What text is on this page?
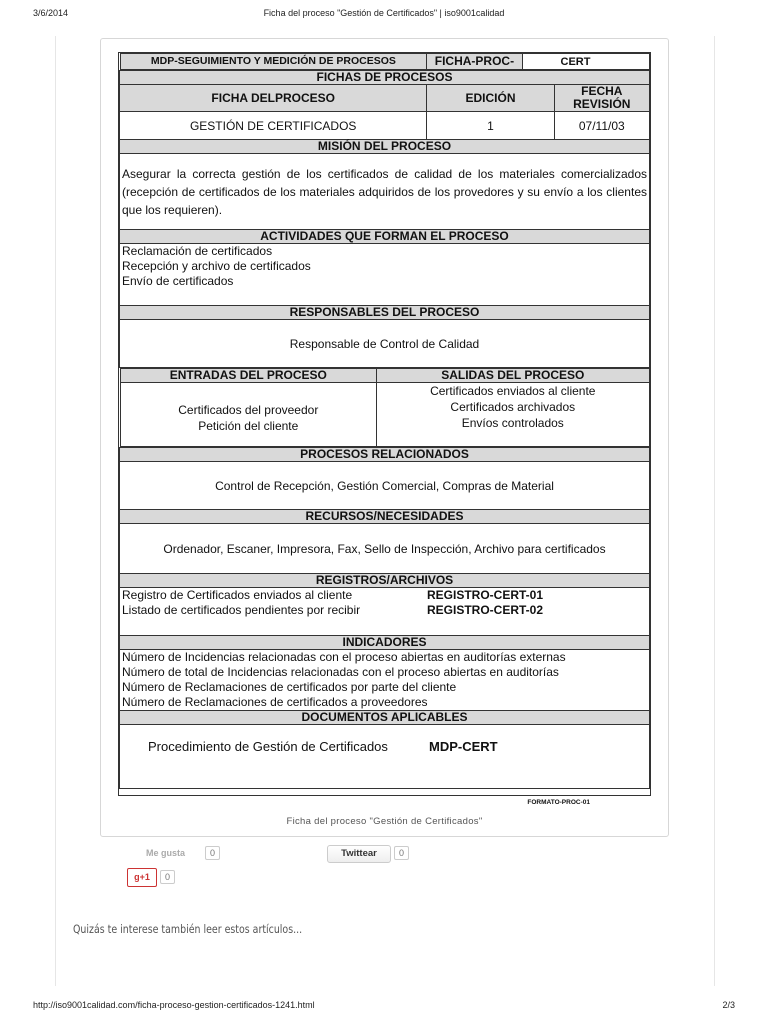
3/6/2014	Ficha del proceso "Gestión de Certificados" | iso9001calidad
MDP-SEGUIMIENTO Y MEDICIÓN DE PROCESOS	FICHA-PROC-	CERT

FICHAS DE PROCESOS
FICHA DELPROCESO	EDICIÓN	FECHA REVISIÓN
GESTIÓN DE CERTIFICADOS	1	07/11/03
MISIÓN DEL PROCESO
Asegurar la correcta gestión de los certificados de calidad de los materiales comercializados (recepción de certificados de los materiales adquiridos de los provedores y su envío a los clientes que los requieren).
ACTIVIDADES QUE FORMAN EL PROCESO

Reclamación de certificados
Recepción y archivo de certificados
Envío de certificados

RESPONSABLES DEL PROCESO
Responsable de Control de Calidad

ENTRADAS DEL PROCESO	SALIDAS DEL PROCESO

Certificados del proveedor
Petición del cliente

Certificados enviados al cliente
Certificados archivados
Envíos controlados

PROCESOS RELACIONADOS
Control de Recepción, Gestión Comercial, Compras de Material
RECURSOS/NECESIDADES
Ordenador, Escaner, Impresora, Fax, Sello de Inspección, Archivo para certificados
REGISTROS/ARCHIVOS

Registro de Certificados enviados al cliente	REGISTRO-CERT-01
Listado de certificados pendientes por recibir	REGISTRO-CERT-02

INDICADORES

Número de Incidencias relacionadas con el proceso abiertas en auditorías externas
Número de total de Incidencias relacionadas con el proceso abiertas en auditorías
Número de Reclamaciones de certificados por parte del cliente
Número de Reclamaciones de certificados a proveedores

DOCUMENTOS APLICABLES
Procedimiento de Gestión de Certificados	MDP-CERT
FORMATO-PROC-01
Ficha del proceso "Gestión de Certificados"
Me gusta	0	Twittear	0
g+1	0
Quizás te interese también leer estos artículos...
http://iso9001calidad.com/ficha-proceso-gestion-certificados-1241.html	2/3
